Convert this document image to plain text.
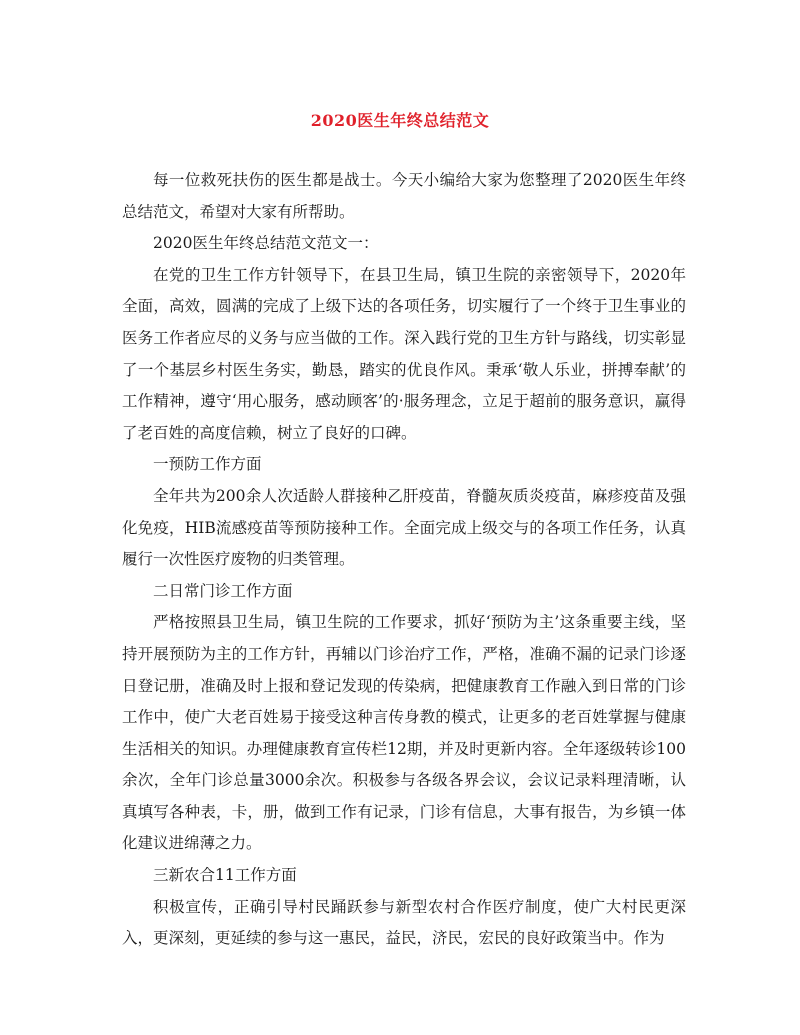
2020医生年终总结范文

每一位救死扶伤的医生都是战士。今天小编给大家为您整理了2020医生年终总结范文，希望对大家有所帮助。

2020医生年终总结范文范文一：

在党的卫生工作方针领导下，在县卫生局，镇卫生院的亲密领导下，2020年全面，高效，圆满的完成了上级下达的各项任务，切实履行了一个终于卫生事业的医务工作者应尽的义务与应当做的工作。深入践行党的卫生方针与路线，切实彰显了一个基层乡村医生务实，勤恳，踏实的优良作风。秉承‘敬人乐业，拼搏奉献’的工作精神，遵守‘用心服务，感动顾客’的·服务理念，立足于超前的服务意识，赢得了老百姓的高度信赖，树立了良好的口碑。

一预防工作方面

全年共为200余人次适龄人群接种乙肝疫苗，脊髓灰质炎疫苗，麻疹疫苗及强化免疫，HIB流感疫苗等预防接种工作。全面完成上级交与的各项工作任务，认真履行一次性医疗废物的归类管理。

二日常门诊工作方面

严格按照县卫生局，镇卫生院的工作要求，抓好‘预防为主’这条重要主线，坚持开展预防为主的工作方针，再辅以门诊治疗工作，严格，准确不漏的记录门诊逐日登记册，准确及时上报和登记发现的传染病，把健康教育工作融入到日常的门诊工作中，使广大老百姓易于接受这种言传身教的模式，让更多的老百姓掌握与健康生活相关的知识。办理健康教育宣传栏12期，并及时更新内容。全年逐级转诊100余次，全年门诊总量3000余次。积极参与各级各界会议，会议记录料理清晰，认真填写各种表，卡，册，做到工作有记录，门诊有信息，大事有报告，为乡镇一体化建议进绵薄之力。

三新农合11工作方面

积极宣传，正确引导村民踊跃参与新型农村合作医疗制度，使广大村民更深入，更深刻，更延续的参与这一惠民，益民，济民，宏民的良好政策当中。作为
